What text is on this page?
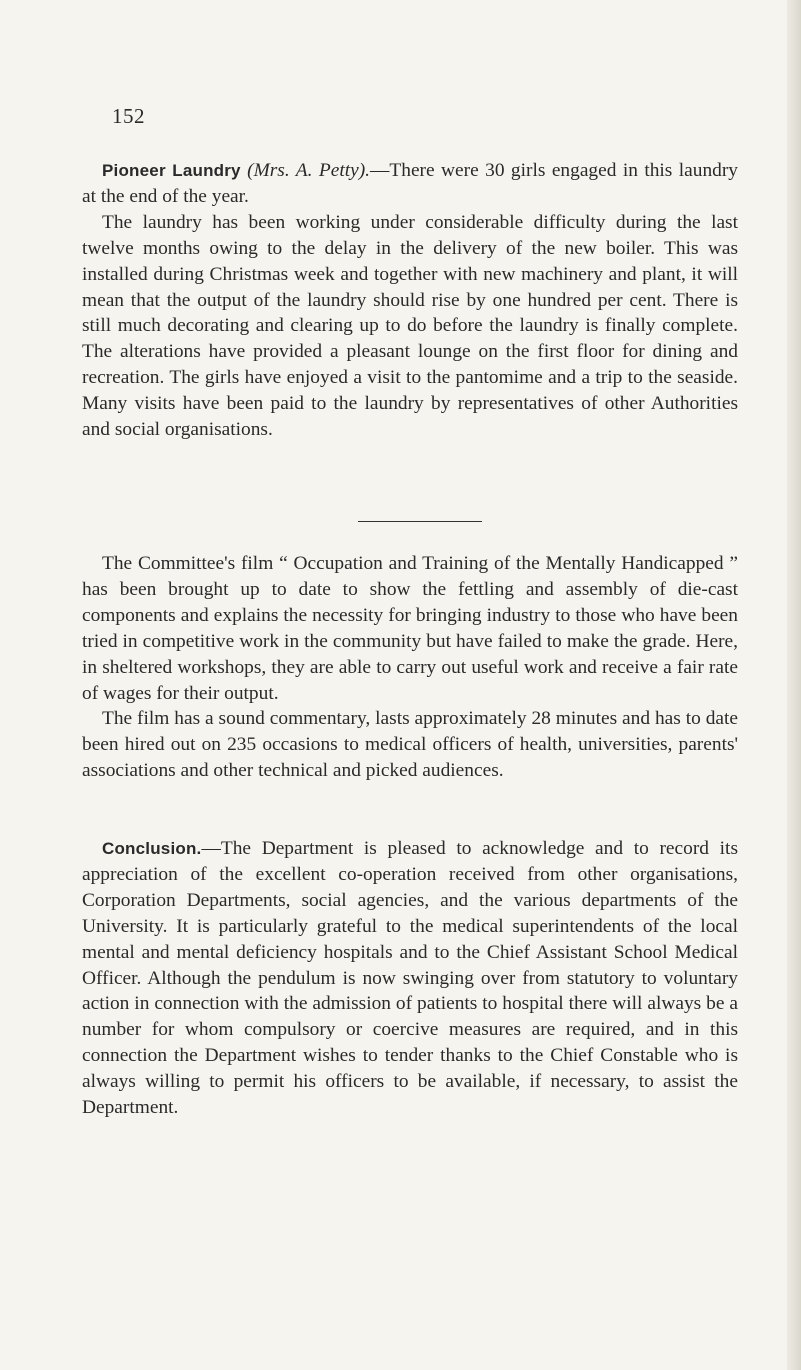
152

Pioneer Laundry (Mrs. A. Petty).—There were 30 girls engaged in this laundry at the end of the year.

The laundry has been working under considerable difficulty during the last twelve months owing to the delay in the delivery of the new boiler. This was installed during Christmas week and together with new machinery and plant, it will mean that the output of the laundry should rise by one hundred per cent. There is still much decorating and clearing up to do before the laundry is finally complete. The alterations have provided a pleasant lounge on the first floor for dining and recreation. The girls have enjoyed a visit to the pantomime and a trip to the seaside. Many visits have been paid to the laundry by representatives of other Authorities and social organisations.

The Committee's film “ Occupation and Training of the Mentally Handicapped ” has been brought up to date to show the fettling and assembly of die-cast components and explains the necessity for bringing industry to those who have been tried in competitive work in the community but have failed to make the grade. Here, in sheltered workshops, they are able to carry out useful work and receive a fair rate of wages for their output.

The film has a sound commentary, lasts approximately 28 minutes and has to date been hired out on 235 occasions to medical officers of health, universities, parents' associations and other technical and picked audiences.

Conclusion.—The Department is pleased to acknowledge and to record its appreciation of the excellent co-operation received from other organisations, Corporation Departments, social agencies, and the various departments of the University. It is particularly grateful to the medical superintendents of the local mental and mental deficiency hospitals and to the Chief Assistant School Medical Officer. Although the pendulum is now swinging over from statutory to voluntary action in connection with the admission of patients to hospital there will always be a number for whom compulsory or coercive measures are required, and in this connection the Department wishes to tender thanks to the Chief Constable who is always willing to permit his officers to be available, if necessary, to assist the Department.
